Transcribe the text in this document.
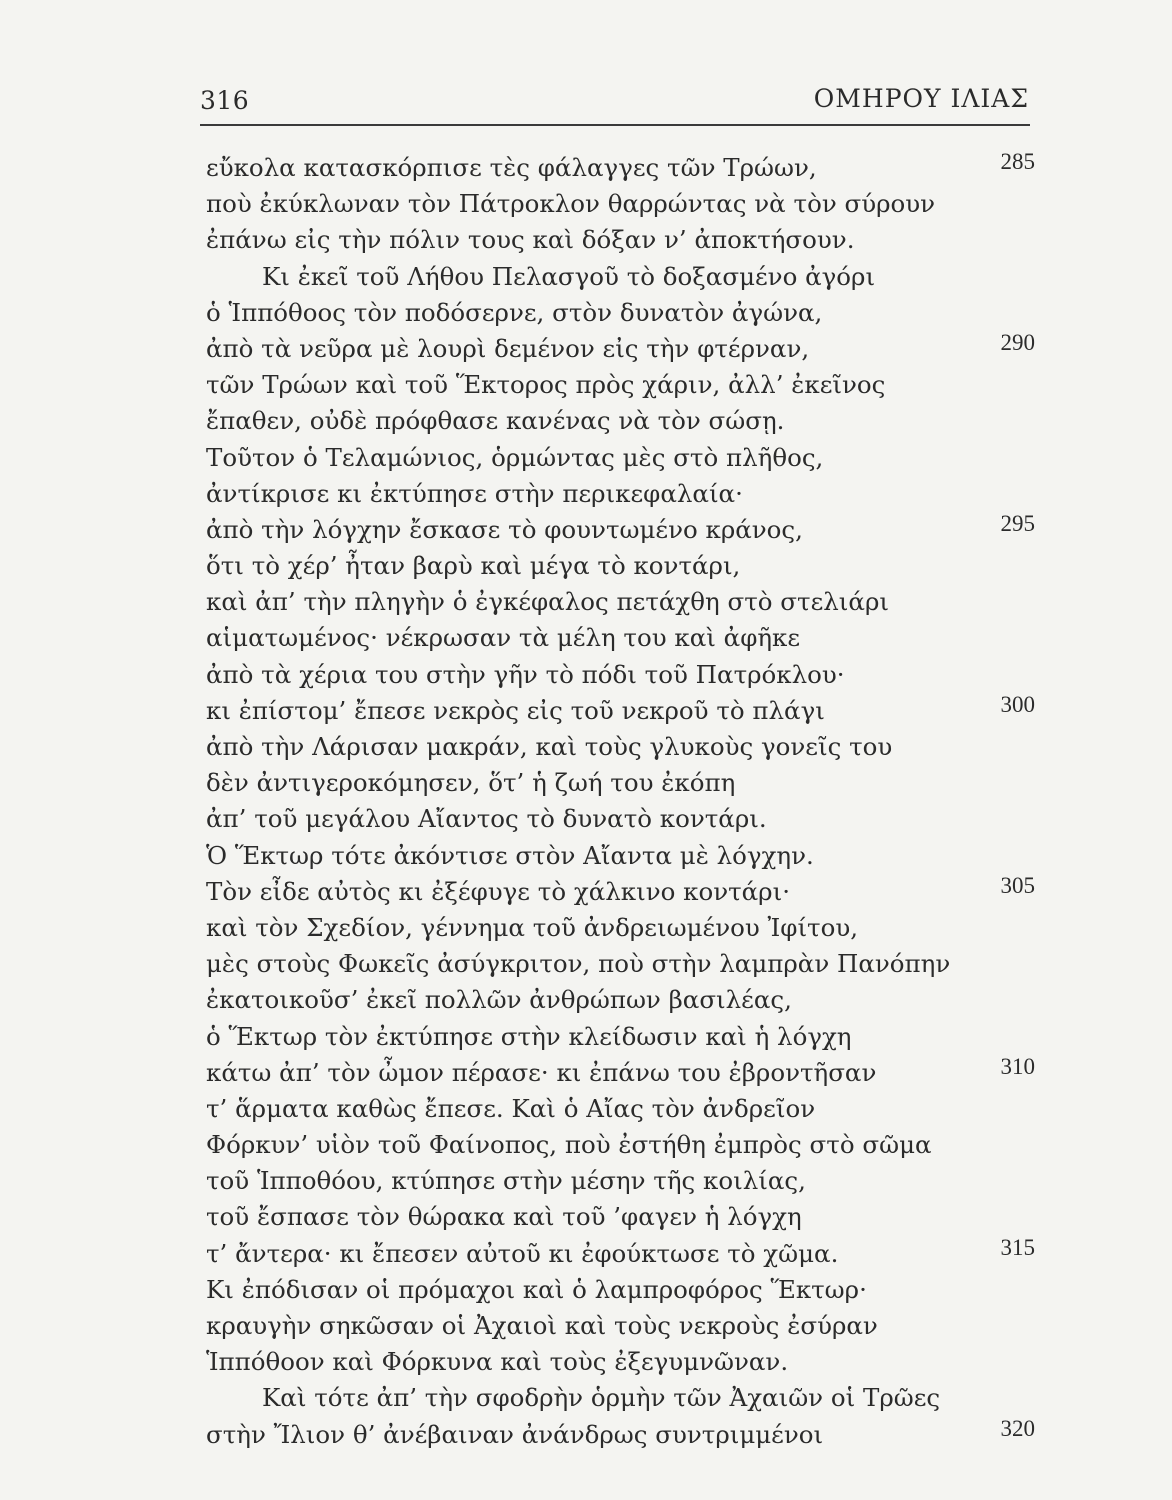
316	ΟΜΗΡΟΥ ΙΛΙΑΣ
εὔκολα κατασκόρπισε τὲς φάλαγγες τῶν Τρώων,	285
ποὺ ἐκύκλωναν τὸν Πάτροκλον θαρρώντας νὰ τὸν σύρουν
ἐπάνω εἰς τὴν πόλιν τους καὶ δόξαν ν’ ἀποκτήσουν.
Κι ἐκεῖ τοῦ Λήθου Πελασγοῦ τὸ δοξασμένο ἀγόρι
ὁ Ἱππόθοος τὸν ποδόσερνε, στὸν δυνατὸν ἀγώνα,
ἀπὸ τὰ νεῦρα μὲ λουρὶ δεμένον εἰς τὴν φτέρναν,	290
τῶν Τρώων καὶ τοῦ Ἕκτορος πρὸς χάριν, ἀλλ’ ἐκεῖνος
ἔπαθεν, οὐδὲ πρόφθασε κανένας νὰ τὸν σώσῃ.
Τοῦτον ὁ Τελαμώνιος, ὁρμώντας μὲς στὸ πλῆθος,
ἀντίκρισε κι ἐκτύπησε στὴν περικεφαλαία·
ἀπὸ τὴν λόγχην ἔσκασε τὸ φουντωμένο κράνος,	295
ὅτι τὸ χέρ’ ἦταν βαρὺ καὶ μέγα τὸ κοντάρι,
καὶ ἀπ’ τὴν πληγὴν ὁ ἐγκέφαλος πετάχθη στὸ στελιάρι
αἱματωμένος· νέκρωσαν τὰ μέλη του καὶ ἀφῆκε
ἀπὸ τὰ χέρια του στὴν γῆν τὸ πόδι τοῦ Πατρόκλου·
κι ἐπίστομ’ ἔπεσε νεκρὸς εἰς τοῦ νεκροῦ τὸ πλάγι	300
ἀπὸ τὴν Λάρισαν μακράν, καὶ τοὺς γλυκοὺς γονεῖς του
δὲν ἀντιγεροκόμησεν, ὅτ’ ἡ ζωή του ἐκόπη
ἀπ’ τοῦ μεγάλου Αἴαντος τὸ δυνατὸ κοντάρι.
Ὁ Ἕκτωρ τότε ἀκόντισε στὸν Αἴαντα μὲ λόγχην.
Τὸν εἶδε αὐτὸς κι ἐξέφυγε τὸ χάλκινο κοντάρι·	305
καὶ τὸν Σχεδίον, γέννημα τοῦ ἀνδρειωμένου Ἰφίτου,
μὲς στοὺς Φωκεῖς ἀσύγκριτον, ποὺ στὴν λαμπρὰν Πανόπην
ἐκατοικοῦσ’ ἐκεῖ πολλῶν ἀνθρώπων βασιλέας,
ὁ Ἕκτωρ τὸν ἐκτύπησε στὴν κλείδωσιν καὶ ἡ λόγχη
κάτω ἀπ’ τὸν ὦμον πέρασε· κι ἐπάνω του ἐβροντῆσαν	310
τ’ ἅρματα καθὼς ἔπεσε. Καὶ ὁ Αἴας τὸν ἀνδρεῖον
Φόρκυν’ υἱὸν τοῦ Φαίνοπος, ποὺ ἐστήθη ἐμπρὸς στὸ σῶμα
τοῦ Ἱπποθόου, κτύπησε στὴν μέσην τῆς κοιλίας,
τοῦ ἔσπασε τὸν θώρακα καὶ τοῦ ’φαγεν ἡ λόγχη
τ’ ἄντερα· κι ἔπεσεν αὐτοῦ κι ἐφούκτωσε τὸ χῶμα.	315
Κι ἐπόδισαν οἱ πρόμαχοι καὶ ὁ λαμπροφόρος Ἕκτωρ·
κραυγὴν σηκῶσαν οἱ Ἀχαιοὶ καὶ τοὺς νεκροὺς ἐσύραν
Ἱππόθοον καὶ Φόρκυνα καὶ τοὺς ἐξεγυμνῶναν.
Καὶ τότε ἀπ’ τὴν σφοδρὴν ὁρμὴν τῶν Ἀχαιῶν οἱ Τρῶες
στὴν Ἴλιον θ’ ἀνέβαιναν ἀνάνδρως συντριμμένοι	320
